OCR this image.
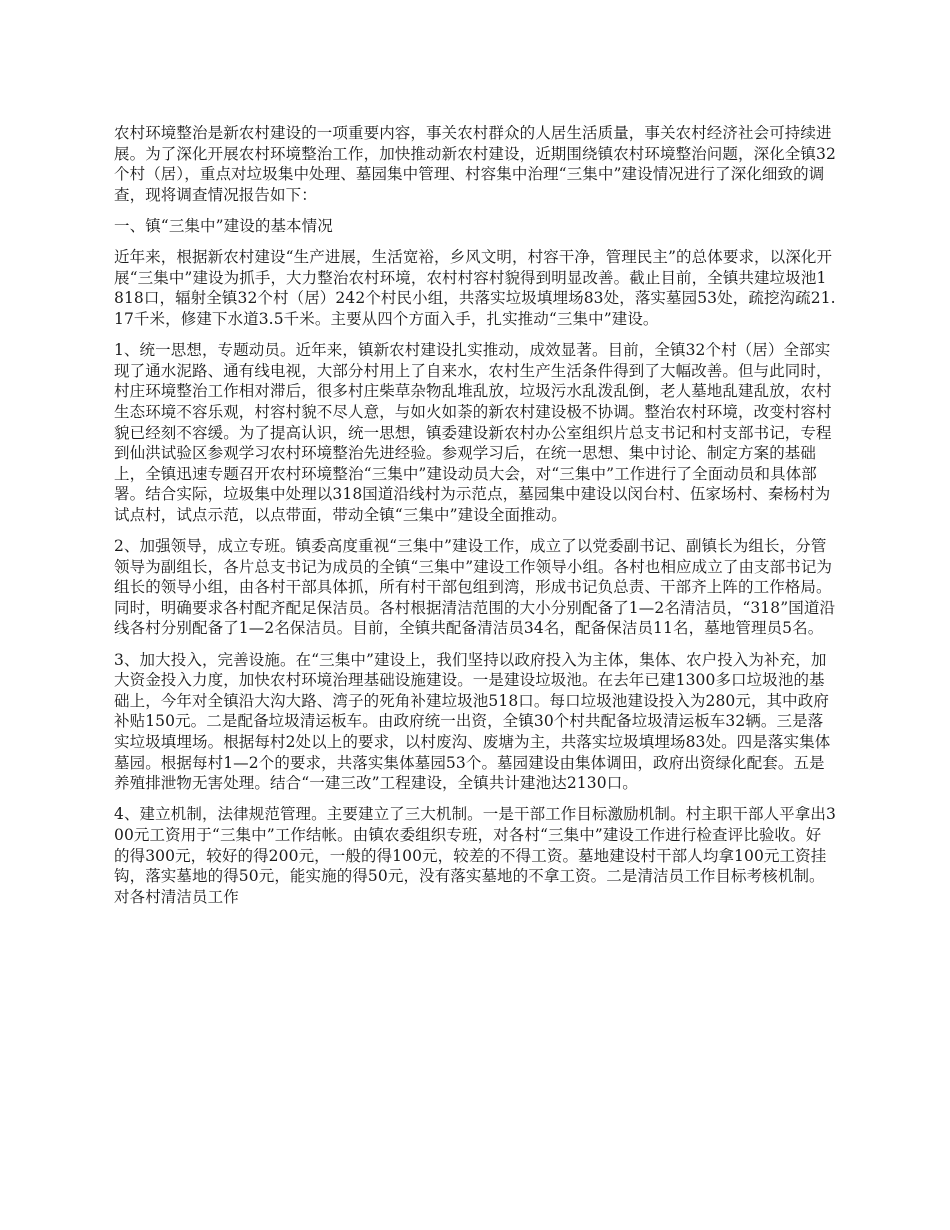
农村环境整治是新农村建设的一项重要内容，事关农村群众的人居生活质量，事关农村经济社会可持续进展。为了深化开展农村环境整治工作，加快推动新农村建设，近期围绕镇农村环境整治问题，深化全镇32个村（居），重点对垃圾集中处理、墓园集中管理、村容集中治理“三集中”建设情况进行了深化细致的调查，现将调查情况报告如下：

一、镇“三集中”建设的基本情况

近年来，根据新农村建设“生产进展，生活宽裕，乡风文明，村容干净，管理民主”的总体要求，以深化开展“三集中”建设为抓手，大力整治农村环境，农村村容村貌得到明显改善。截止目前，全镇共建垃圾池1818口，辐射全镇32个村（居）242个村民小组，共落实垃圾填埋场83处，落实墓园53处，疏挖沟疏21.17千米，修建下水道3.5千米。主要从四个方面入手，扎实推动“三集中”建设。

1、统一思想，专题动员。近年来，镇新农村建设扎实推动，成效显著。目前，全镇32个村（居）全部实现了通水泥路、通有线电视，大部分村用上了自来水，农村生产生活条件得到了大幅改善。但与此同时，村庄环境整治工作相对滞后，很多村庄柴草杂物乱堆乱放，垃圾污水乱泼乱倒，老人墓地乱建乱放，农村生态环境不容乐观，村容村貌不尽人意，与如火如荼的新农村建设极不协调。整治农村环境，改变村容村貌已经刻不容缓。为了提高认识，统一思想，镇委建设新农村办公室组织片总支书记和村支部书记，专程到仙洪试验区参观学习农村环境整治先进经验。参观学习后，在统一思想、集中讨论、制定方案的基础上，全镇迅速专题召开农村环境整治“三集中”建设动员大会，对“三集中”工作进行了全面动员和具体部署。结合实际，垃圾集中处理以318国道沿线村为示范点，墓园集中建设以闵台村、伍家场村、秦杨村为试点村，试点示范，以点带面，带动全镇“三集中”建设全面推动。

2、加强领导，成立专班。镇委高度重视“三集中”建设工作，成立了以党委副书记、副镇长为组长，分管领导为副组长，各片总支书记为成员的全镇“三集中”建设工作领导小组。各村也相应成立了由支部书记为组长的领导小组，由各村干部具体抓，所有村干部包组到湾，形成书记负总责、干部齐上阵的工作格局。同时，明确要求各村配齐配足保洁员。各村根据清洁范围的大小分别配备了1—2名清洁员，“318”国道沿线各村分别配备了1—2名保洁员。目前，全镇共配备清洁员34名，配备保洁员11名，墓地管理员5名。

3、加大投入，完善设施。在“三集中”建设上，我们坚持以政府投入为主体，集体、农户投入为补充，加大资金投入力度，加快农村环境治理基础设施建设。一是建设垃圾池。在去年已建1300多口垃圾池的基础上，今年对全镇沿大沟大路、湾子的死角补建垃圾池518口。每口垃圾池建设投入为280元，其中政府补贴150元。二是配备垃圾清运板车。由政府统一出资，全镇30个村共配备垃圾清运板车32辆。三是落实垃圾填埋场。根据每村2处以上的要求，以村废沟、废塘为主，共落实垃圾填埋场83处。四是落实集体墓园。根据每村1—2个的要求，共落实集体墓园53个。墓园建设由集体调田，政府出资绿化配套。五是养殖排泄物无害处理。结合“一建三改”工程建设，全镇共计建池达2130口。

4、建立机制，法律规范管理。主要建立了三大机制。一是干部工作目标激励机制。村主职干部人平拿出300元工资用于“三集中”工作结帐。由镇农委组织专班，对各村“三集中”建设工作进行检查评比验收。好的得300元，较好的得200元，一般的得100元，较差的不得工资。墓地建设村干部人均拿100元工资挂钩，落实墓地的得50元，能实施的得50元，没有落实墓地的不拿工资。二是清洁员工作目标考核机制。对各村清洁员工作
